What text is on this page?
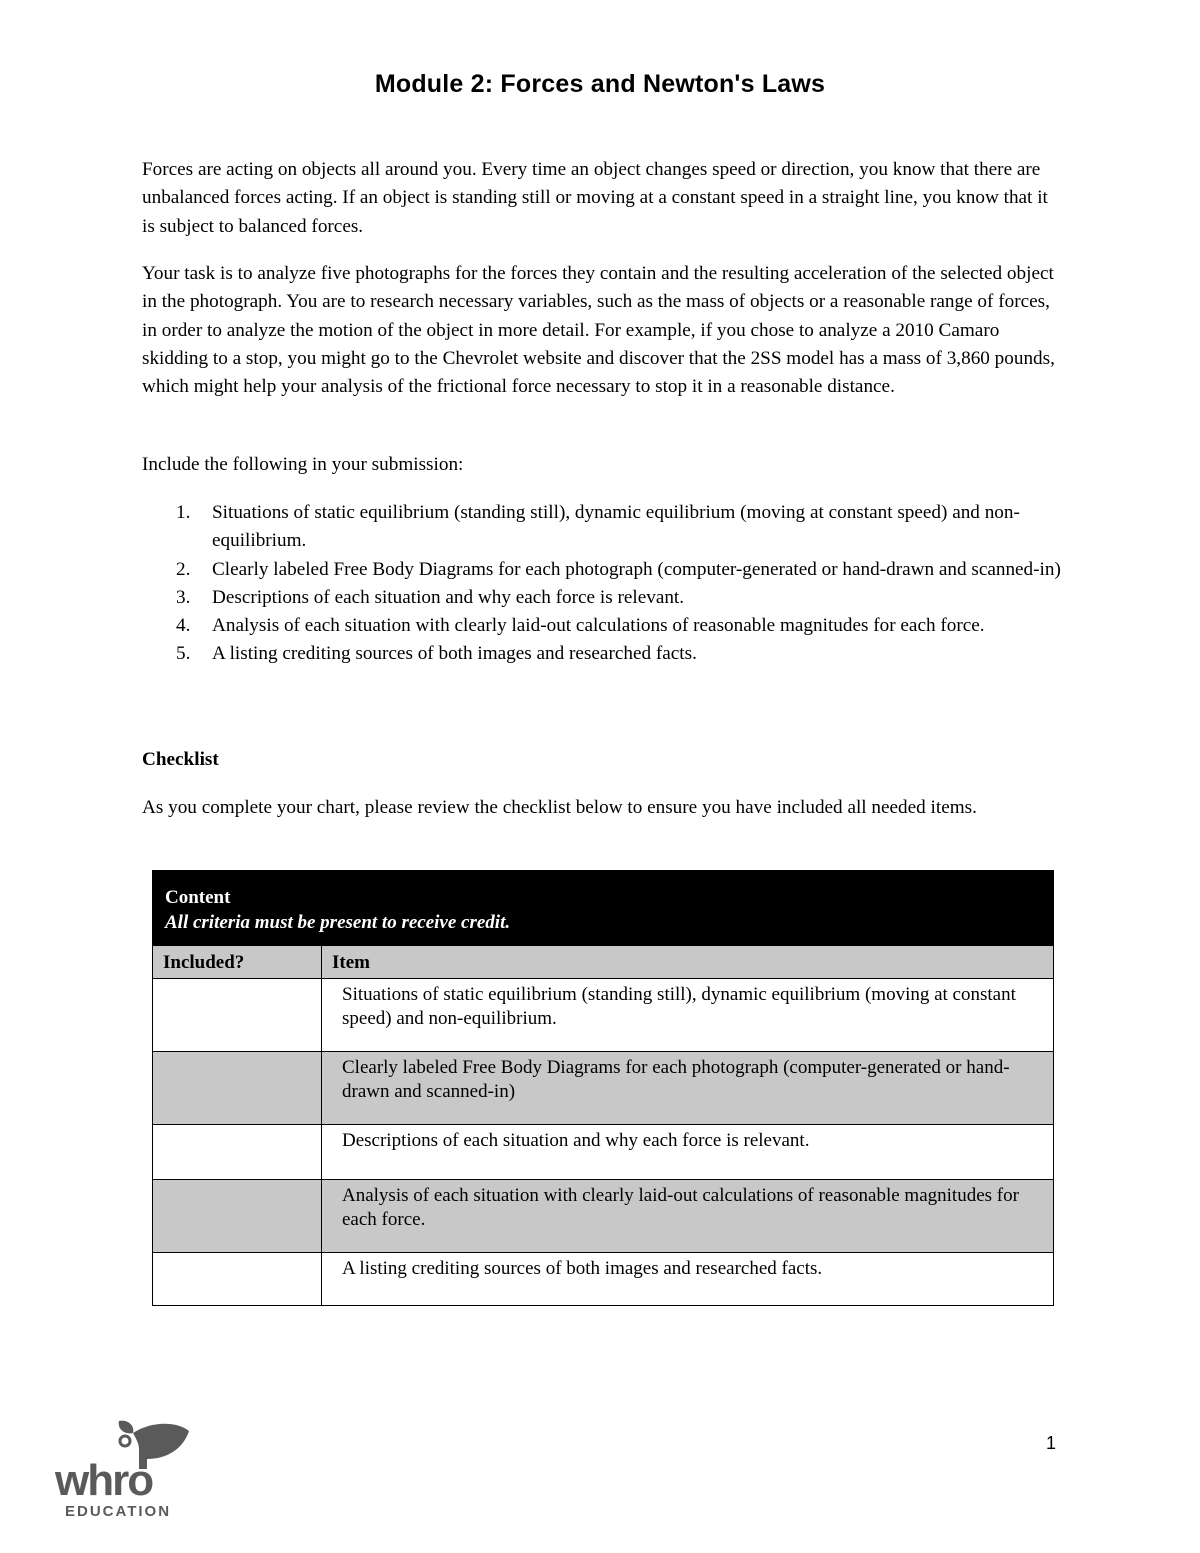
Module 2: Forces and Newton's Laws
Forces are acting on objects all around you. Every time an object changes speed or direction, you know that there are unbalanced forces acting. If an object is standing still or moving at a constant speed in a straight line, you know that it is subject to balanced forces.
Your task is to analyze five photographs for the forces they contain and the resulting acceleration of the selected object in the photograph. You are to research necessary variables, such as the mass of objects or a reasonable range of forces, in order to analyze the motion of the object in more detail. For example, if you chose to analyze a 2010 Camaro skidding to a stop, you might go to the Chevrolet website and discover that the 2SS model has a mass of 3,860 pounds, which might help your analysis of the frictional force necessary to stop it in a reasonable distance.
Include the following in your submission:
1. Situations of static equilibrium (standing still), dynamic equilibrium (moving at constant speed) and non-equilibrium.
2. Clearly labeled Free Body Diagrams for each photograph (computer-generated or hand-drawn and scanned-in)
3. Descriptions of each situation and why each force is relevant.
4. Analysis of each situation with clearly laid-out calculations of reasonable magnitudes for each force.
5. A listing crediting sources of both images and researched facts.
Checklist
As you complete your chart, please review the checklist below to ensure you have included all needed items.
Content
All criteria must be present to receive credit.	

Included?	Item
	Situations of static equilibrium (standing still), dynamic equilibrium (moving at constant speed) and non-equilibrium.
	Clearly labeled Free Body Diagrams for each photograph (computer-generated or hand-drawn and scanned-in)
	Descriptions of each situation and why each force is relevant.
	Analysis of each situation with clearly laid-out calculations of reasonable magnitudes for each force.
	A listing crediting sources of both images and researched facts.
whro
EDUCATION
1
